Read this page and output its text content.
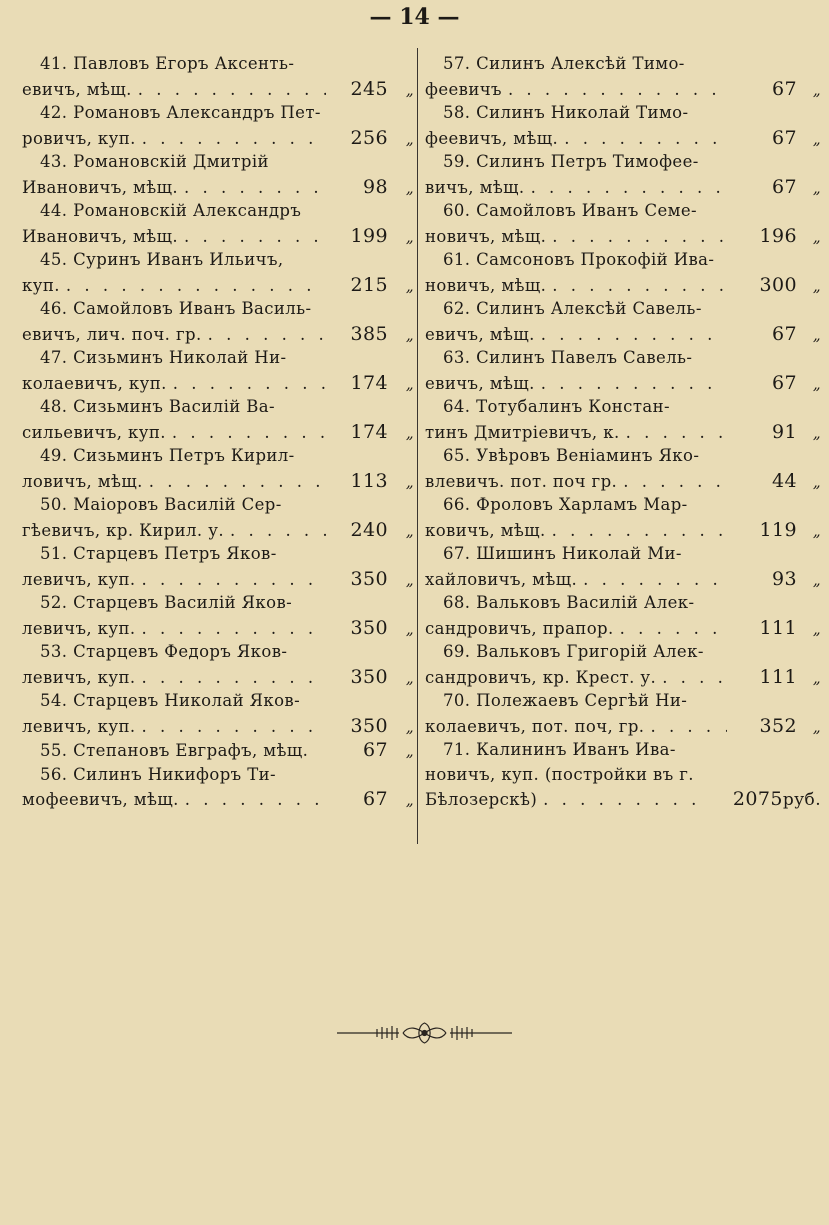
— 14 —
41. Павловъ Егоръ Аксенть-
евичъ, мѣщ. . . .	245	„
42. Романовъ Александръ Пет-
ровичъ, куп. . . .	256	„
43. Романовскій Дмитрій
Ивановичъ, мѣщ. . . .	98	„
44. Романовскій Александръ
Ивановичъ, мѣщ. . . .	199	„
45. Суринъ Иванъ Ильичъ,
куп. . . .	215	„
46. Самойловъ Иванъ Василь-
евичъ, лич. поч. гр. . . .	385	„
47. Сизьминъ Николай Ни-
колаевичъ, куп. . . .	174	„
48. Сизьминъ Василій Ва-
сильевичъ, куп. . . .	174	„
49. Сизьминъ Петръ Кирил-
ловичъ, мѣщ. . . .	113	„
50. Маіоровъ Василій Сер-
гѣевичъ, кр. Кирил. у. . . .	240	„
51. Старцевъ Петръ Яков-
левичъ, куп. . . .	350	„
52. Старцевъ Василій Яков-
левичъ, куп. . . .	350	„
53. Старцевъ Федоръ Яков-
левичъ, куп. . . .	350	„
54. Старцевъ Николай Яков-
левичъ, куп. . . .	350	„
55.
Степановъ Евграфъ, мѣщ.	67	„
56. Силинъ Никифоръ Ти-
мофеевичъ, мѣщ. . . .	67	„
57. Силинъ Алексѣй Тимо-
феевичъ . . .	67	„
58. Силинъ Николай Тимо-
феевичъ, мѣщ. . . .	67	„
59. Силинъ Петръ Тимофее-
вичъ, мѣщ. . . .	67	„
60. Самойловъ Иванъ Семе-
новичъ, мѣщ. . . .	196	„
61. Самсоновъ Прокофій Ива-
новичъ, мѣщ. . . .	300	„
62. Силинъ Алексѣй Савель-
евичъ, мѣщ. . . .	67	„
63. Силинъ Павелъ Савель-
евичъ, мѣщ. . . .	67	„
64. Тотубалинъ Констан-
тинъ Дмитріевичъ, к. . . .	91	„
65. Увѣровъ Веніаминъ Яко-
влевичъ. пот. поч гр. . . .	44	„
66. Фроловъ Харламъ Мар-
ковичъ, мѣщ. . . .	119	„
67. Шишинъ Николай Ми-
хайловичъ, мѣщ. . . .	93	„
68. Вальковъ Василій Алек-
сандровичъ, прапор. . . .	111	„
69. Вальковъ Григорій Алек-
сандровичъ, кр. Крест. у. . . .	111	„
70. Полежаевъ Сергѣй Ни-
колаевичъ, пот. поч, гр. . . .	352	„
71. Калининъ Иванъ Ива-
новичъ, куп. (постройки въ г.
Бѣлозерскѣ) . . .	2075 руб.
